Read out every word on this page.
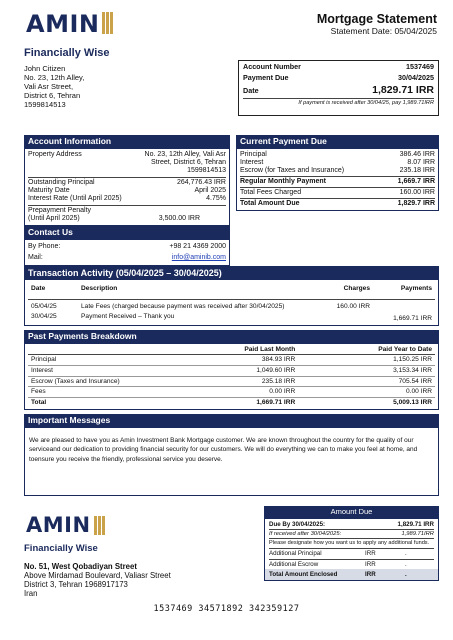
AMIN
Financially Wise
Mortgage Statement
Statement Date: 05/04/2025
John Citizen
No. 23, 12th Alley,
Vali Asr Street,
District 6, Tehran
1599814513
Account Number	1537469
Payment Due	30/04/2025
Date	1,829.71 IRR
If payment is received after 30/04/25, pay 1,989.71IRR
Account Information
Property Address	No. 23, 12th Alley, Vali Asr Street, District 6, Tehran 1599814513
Outstanding Principal	264,776.43 IRR
Maturity Date	April 2025
Interest Rate (Until April 2025)	4.75%
Prepayment Penalty
(Until April 2025)	3,500.00 IRR
Contact Us
By Phone:	+98 21 4369 2000
Mail:	info@aminib.com
Current Payment Due
Principal	386.46 IRR
Interest	8.07 IRR
Escrow (for Taxes and Insurance)	235.18 IRR
Regular Monthly Payment	1,669.7 IRR
Total Fees Charged	160.00 IRR
Total Amount Due	1,829.7 IRR
Transaction Activity (05/04/2025 – 30/04/2025)
Date	Description	Charges	Payments
05/04/25	Late Fees (charged because payment was received after 30/04/2025)	160.00 IRR	
30/04/25	Payment Received – Thank you		1,669.71 IRR
Past Payments Breakdown
	Paid Last Month	Paid Year to Date
Principal	384.93 IRR	1,150.25 IRR
Interest	1,049.60 IRR	3,153.34 IRR
Escrow (Taxes and Insurance)	235.18 IRR	705.54 IRR
Fees	0.00 IRR	0.00 IRR
Total	1,669.71 IRR	5,009.13 IRR
Important Messages

We are pleased to have you as Amin Investment Bank Mortgage customer. We are known throughout the country for the quality of our serviceand our dedication to providing financial security for our customers. We will do everything we can to make you feel at home, and toensure you receive the friendly, professional service you deserve.

AMIN
Financially Wise
No. 51, West Qobadiyan Street
Above Mirdamad Boulevard, Valiasr Street
District 3, Tehran 1968917173
Iran
Amount Due
Due By 30/04/2025:	1,829.71 IRR
If received after 30/04/2025:	1,989.71IRR
Please designate how you want us to apply any additional funds.
Additional Principal	IRR	.
Additional Escrow	IRR	.
Total Amount Enclosed	IRR	.
1537469 34571892 342359127
